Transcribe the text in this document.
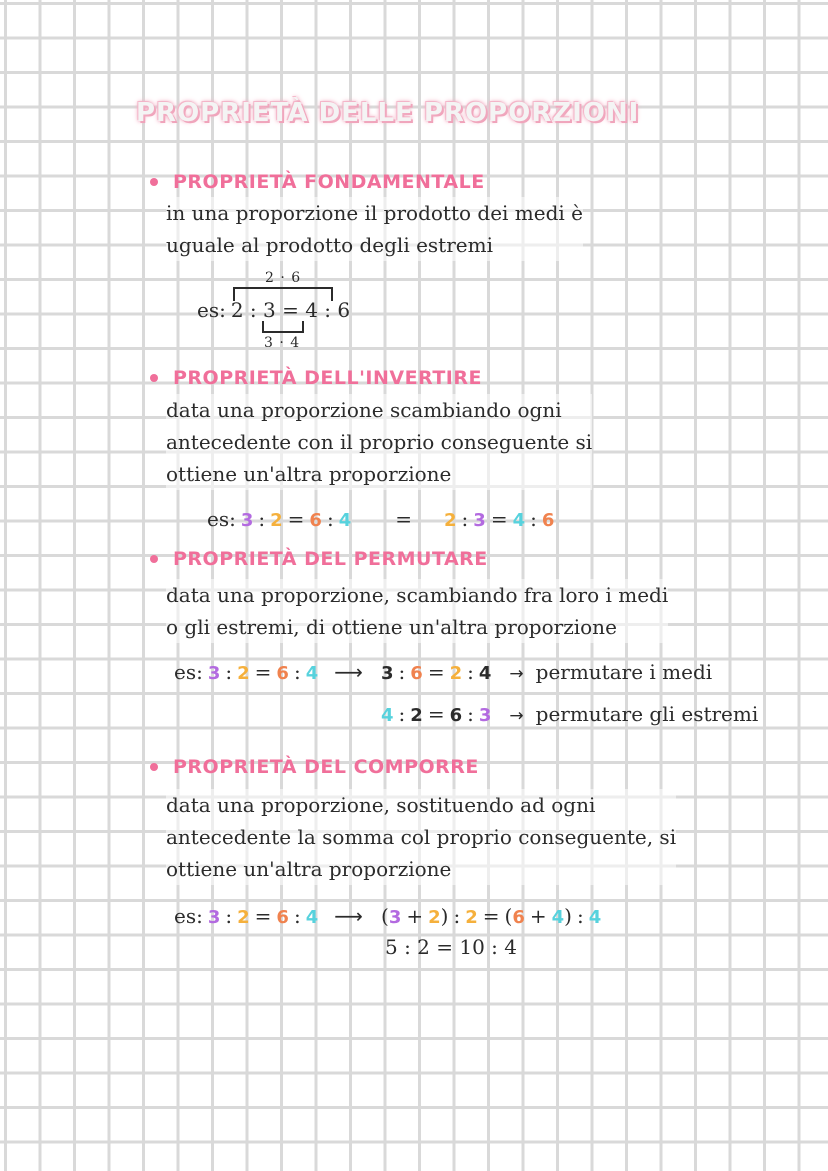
PROPRIETÀ DELLE PROPORZIONI
PROPRIETÀ FONDAMENTALE
in una proporzione il prodotto dei medi è
uguale al prodotto degli estremi
2 · 6
es: 2 : 3 = 4 : 6
3 · 4
PROPRIETÀ DELL'INVERTIRE
data una proporzione scambiando ogni
antecedente con il proprio conseguente si
ottiene un'altra proporzione
es: 3 : 2 = 6 : 4 = 2 : 3 = 4 : 6
PROPRIETÀ DEL PERMUTARE
data una proporzione, scambiando fra loro i medi
o gli estremi, di ottiene un'altra proporzione
es: 3 : 2 = 6 : 4 ⟶ 3 : 6 = 2 : 4 → permutare i medi
4 : 2 = 6 : 3 → permutare gli estremi
PROPRIETÀ DEL COMPORRE
data una proporzione, sostituendo ad ogni
antecedente la somma col proprio conseguente, si
ottiene un'altra proporzione
es: 3 : 2 = 6 : 4 ⟶ ( 3 + 2 ) : 2 = ( 6 + 4 ) : 4
5 : 2 = 10 : 4
